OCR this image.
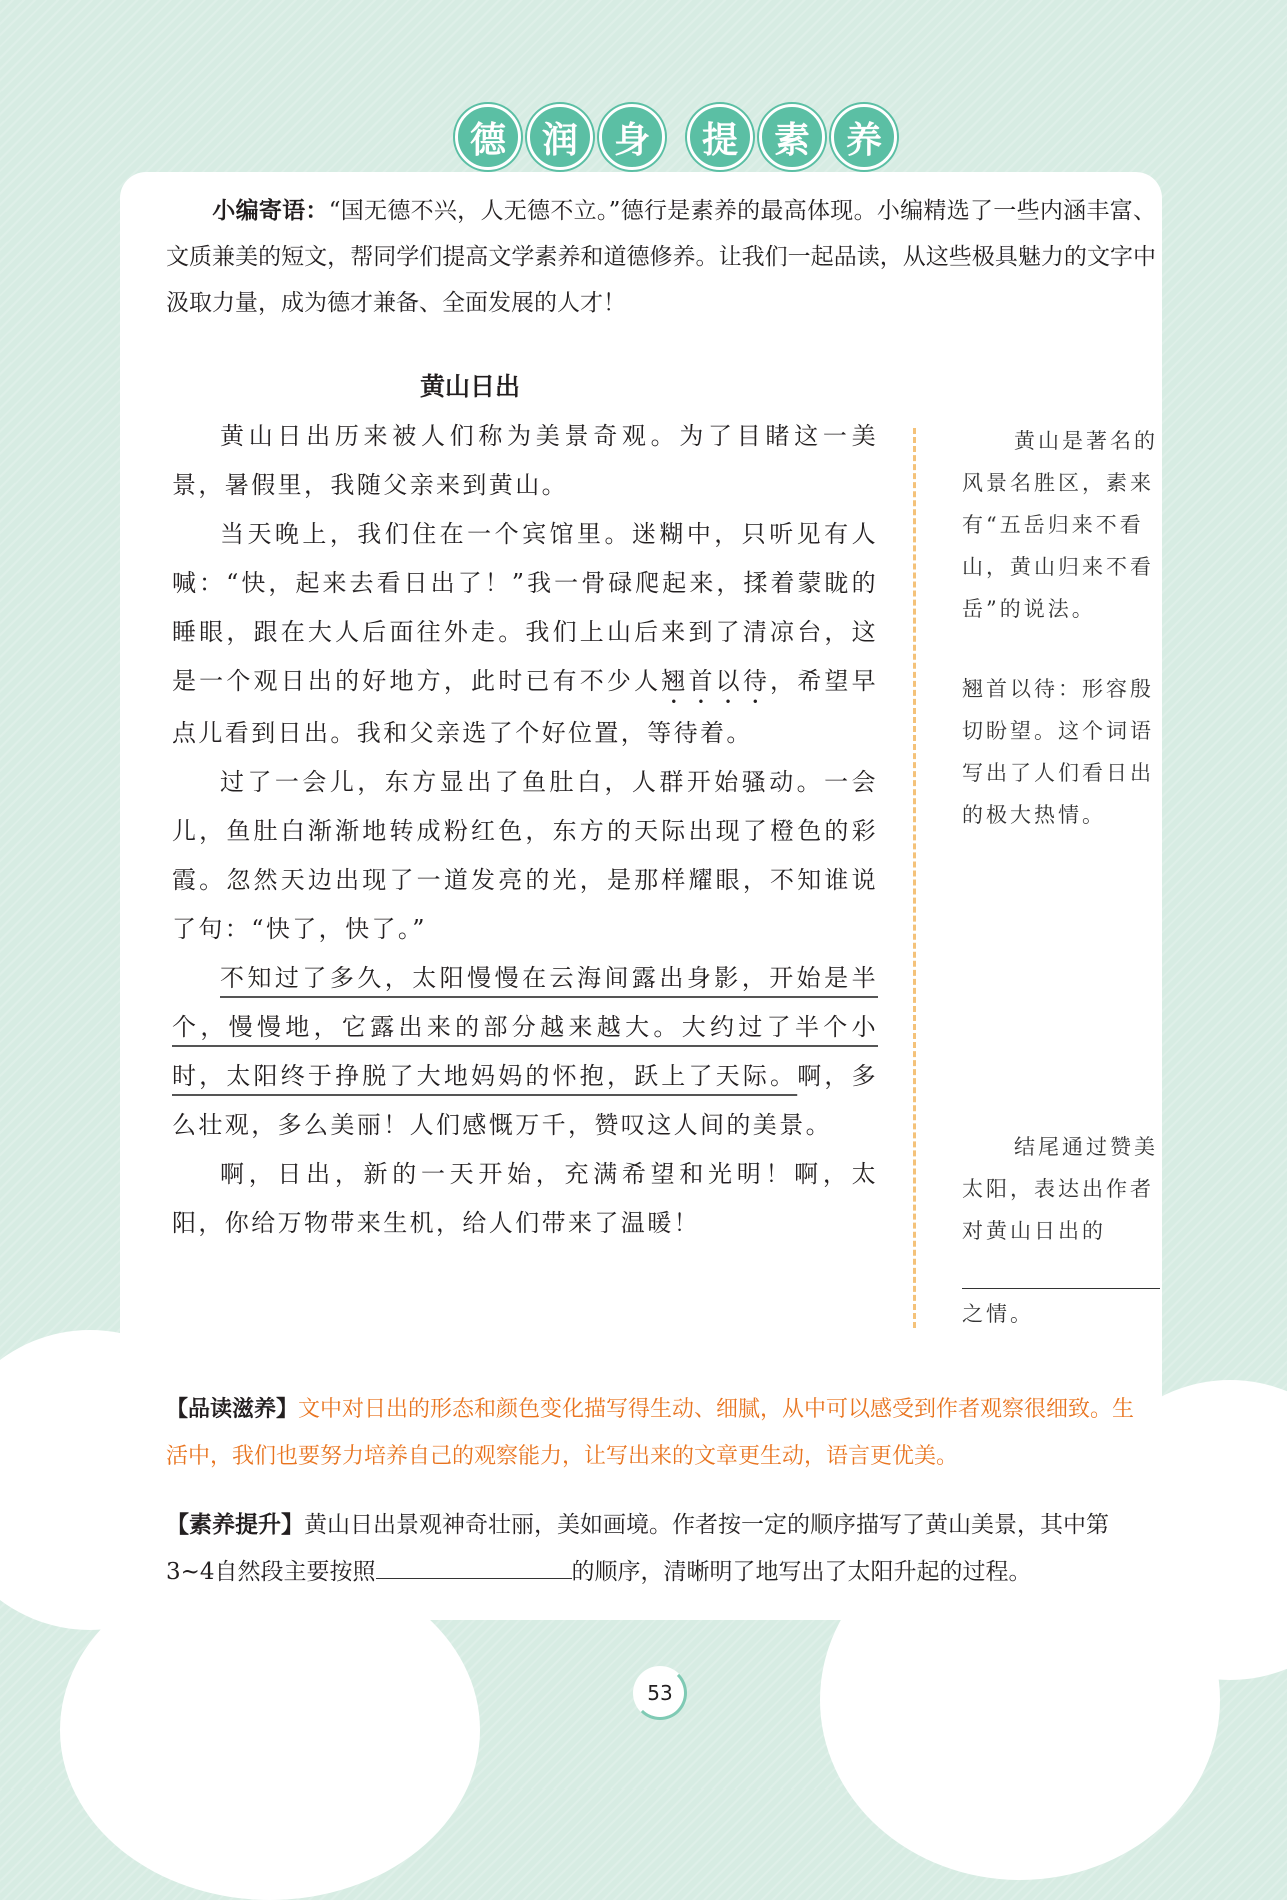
德 润 身	提 素 养
小编寄语：“国无德不兴，人无德不立。”德行是素养的最高体现。小编精选了一些内涵丰富、文质兼美的短文，帮同学们提高文学素养和道德修养。让我们一起品读，从这些极具魅力的文字中汲取力量，成为德才兼备、全面发展的人才！
黄山日出

黄山日出历来被人们称为美景奇观。为了目睹这一美景，暑假里，我随父亲来到黄山。

当天晚上，我们住在一个宾馆里。迷糊中，只听见有人喊：“快，起来去看日出了！”我一骨碌爬起来，揉着蒙眬的睡眼，跟在大人后面往外走。我们上山后来到了清凉台，这是一个观日出的好地方，此时已有不少人翘首以待，希望早点儿看到日出。我和父亲选了个好位置，等待着。

过了一会儿，东方显出了鱼肚白，人群开始骚动。一会儿，鱼肚白渐渐地转成粉红色，东方的天际出现了橙色的彩霞。忽然天边出现了一道发亮的光，是那样耀眼，不知谁说了句：“快了，快了。”

不知过了多久，太阳慢慢在云海间露出身影，开始是半个，慢慢地，它露出来的部分越来越大。大约过了半个小时，太阳终于挣脱了大地妈妈的怀抱，跃上了天际。啊，多么壮观，多么美丽！人们感慨万千，赞叹这人间的美景。

啊，日出，新的一天开始，充满希望和光明！啊，太阳，你给万物带来生机，给人们带来了温暖！

黄山是著名的风景名胜区，素来有“五岳归来不看山，黄山归来不看岳”的说法。
翘首以待：形容殷切盼望。这个词语写出了人们看日出的极大热情。
结尾通过赞美太阳，表达出作者对黄山日出的
之情。
【品读滋养】文中对日出的形态和颜色变化描写得生动、细腻，从中可以感受到作者观察很细致。生活中，我们也要努力培养自己的观察能力，让写出来的文章更生动，语言更优美。
【素养提升】黄山日出景观神奇壮丽，美如画境。作者按一定的顺序描写了黄山美景，其中第3~4自然段主要按照	的顺序，清晰明了地写出了太阳升起的过程。
53
